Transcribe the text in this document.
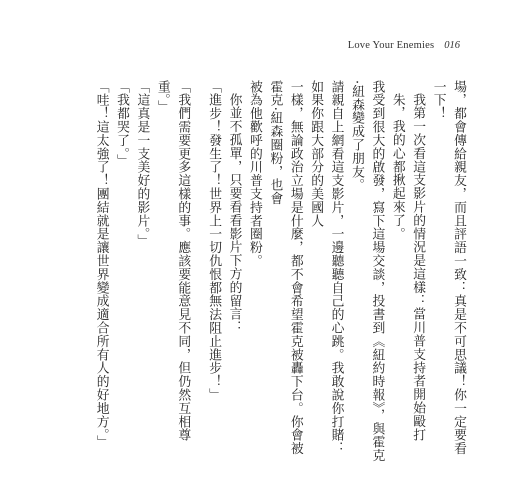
Love Your Enemies 016

場，都會傳給親友，而且評語一致：真是不可思議！你一定要看一下！

我第一次看這支影片的情況是這樣：當川普支持者開始毆打朱，我的心都揪起來了。

我受到很大的啟發，寫下這場交談，投書到《紐約時報》，與霍克·紐森變成了朋友。

請親自上網看這支影片，一邊聽聽自己的心跳。我敢說你打賭：如果你跟大部分的美國人

一樣，無論政治立場是什麼，都不會希望霍克被轟下台。你會被霍克·紐森圈粉，也會

被為他歡呼的川普支持者圈粉。

你並不孤單，只要看看影片下方的留言：

「進步！發生了！世界上一切仇恨都無法阻止進步！」

「我們需要更多這樣的事。應該要能意見不同，但仍然互相尊重。」

「這真是一支美好的影片。」

「我都哭了。」

「哇！這太強了！團結就是讓世界變成適合所有人的好地方。」
